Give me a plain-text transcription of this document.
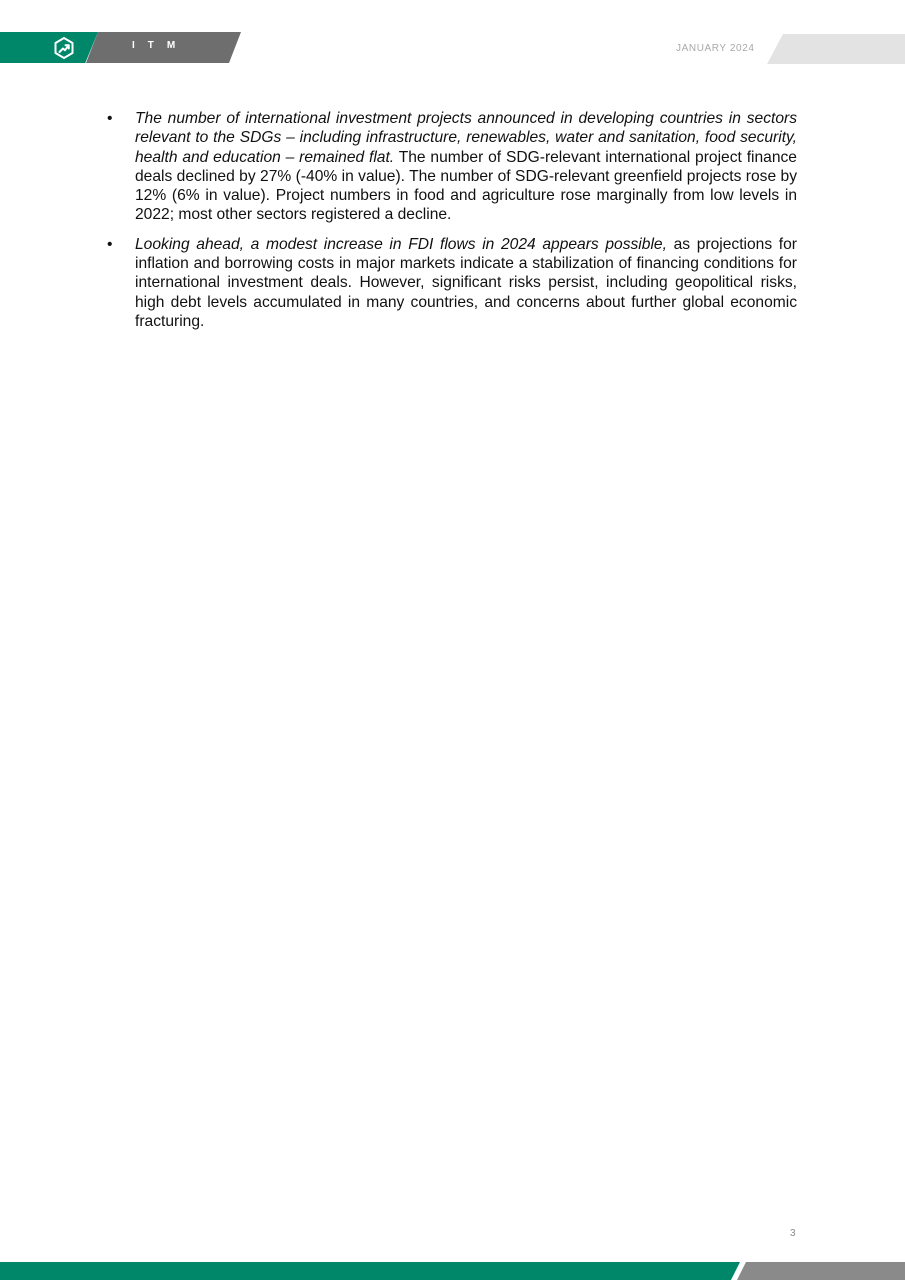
I T M	JANUARY 2024
• The number of international investment projects announced in developing countries in sectors relevant to the SDGs – including infrastructure, renewables, water and sanitation, food security, health and education – remained flat. The number of SDG-relevant international project finance deals declined by 27% (-40% in value). The number of SDG-relevant greenfield projects rose by 12% (6% in value). Project numbers in food and agriculture rose marginally from low levels in 2022; most other sectors registered a decline.
• Looking ahead, a modest increase in FDI flows in 2024 appears possible, as projections for inflation and borrowing costs in major markets indicate a stabilization of financing conditions for international investment deals. However, significant risks persist, including geopolitical risks, high debt levels accumulated in many countries, and concerns about further global economic fracturing.
3
